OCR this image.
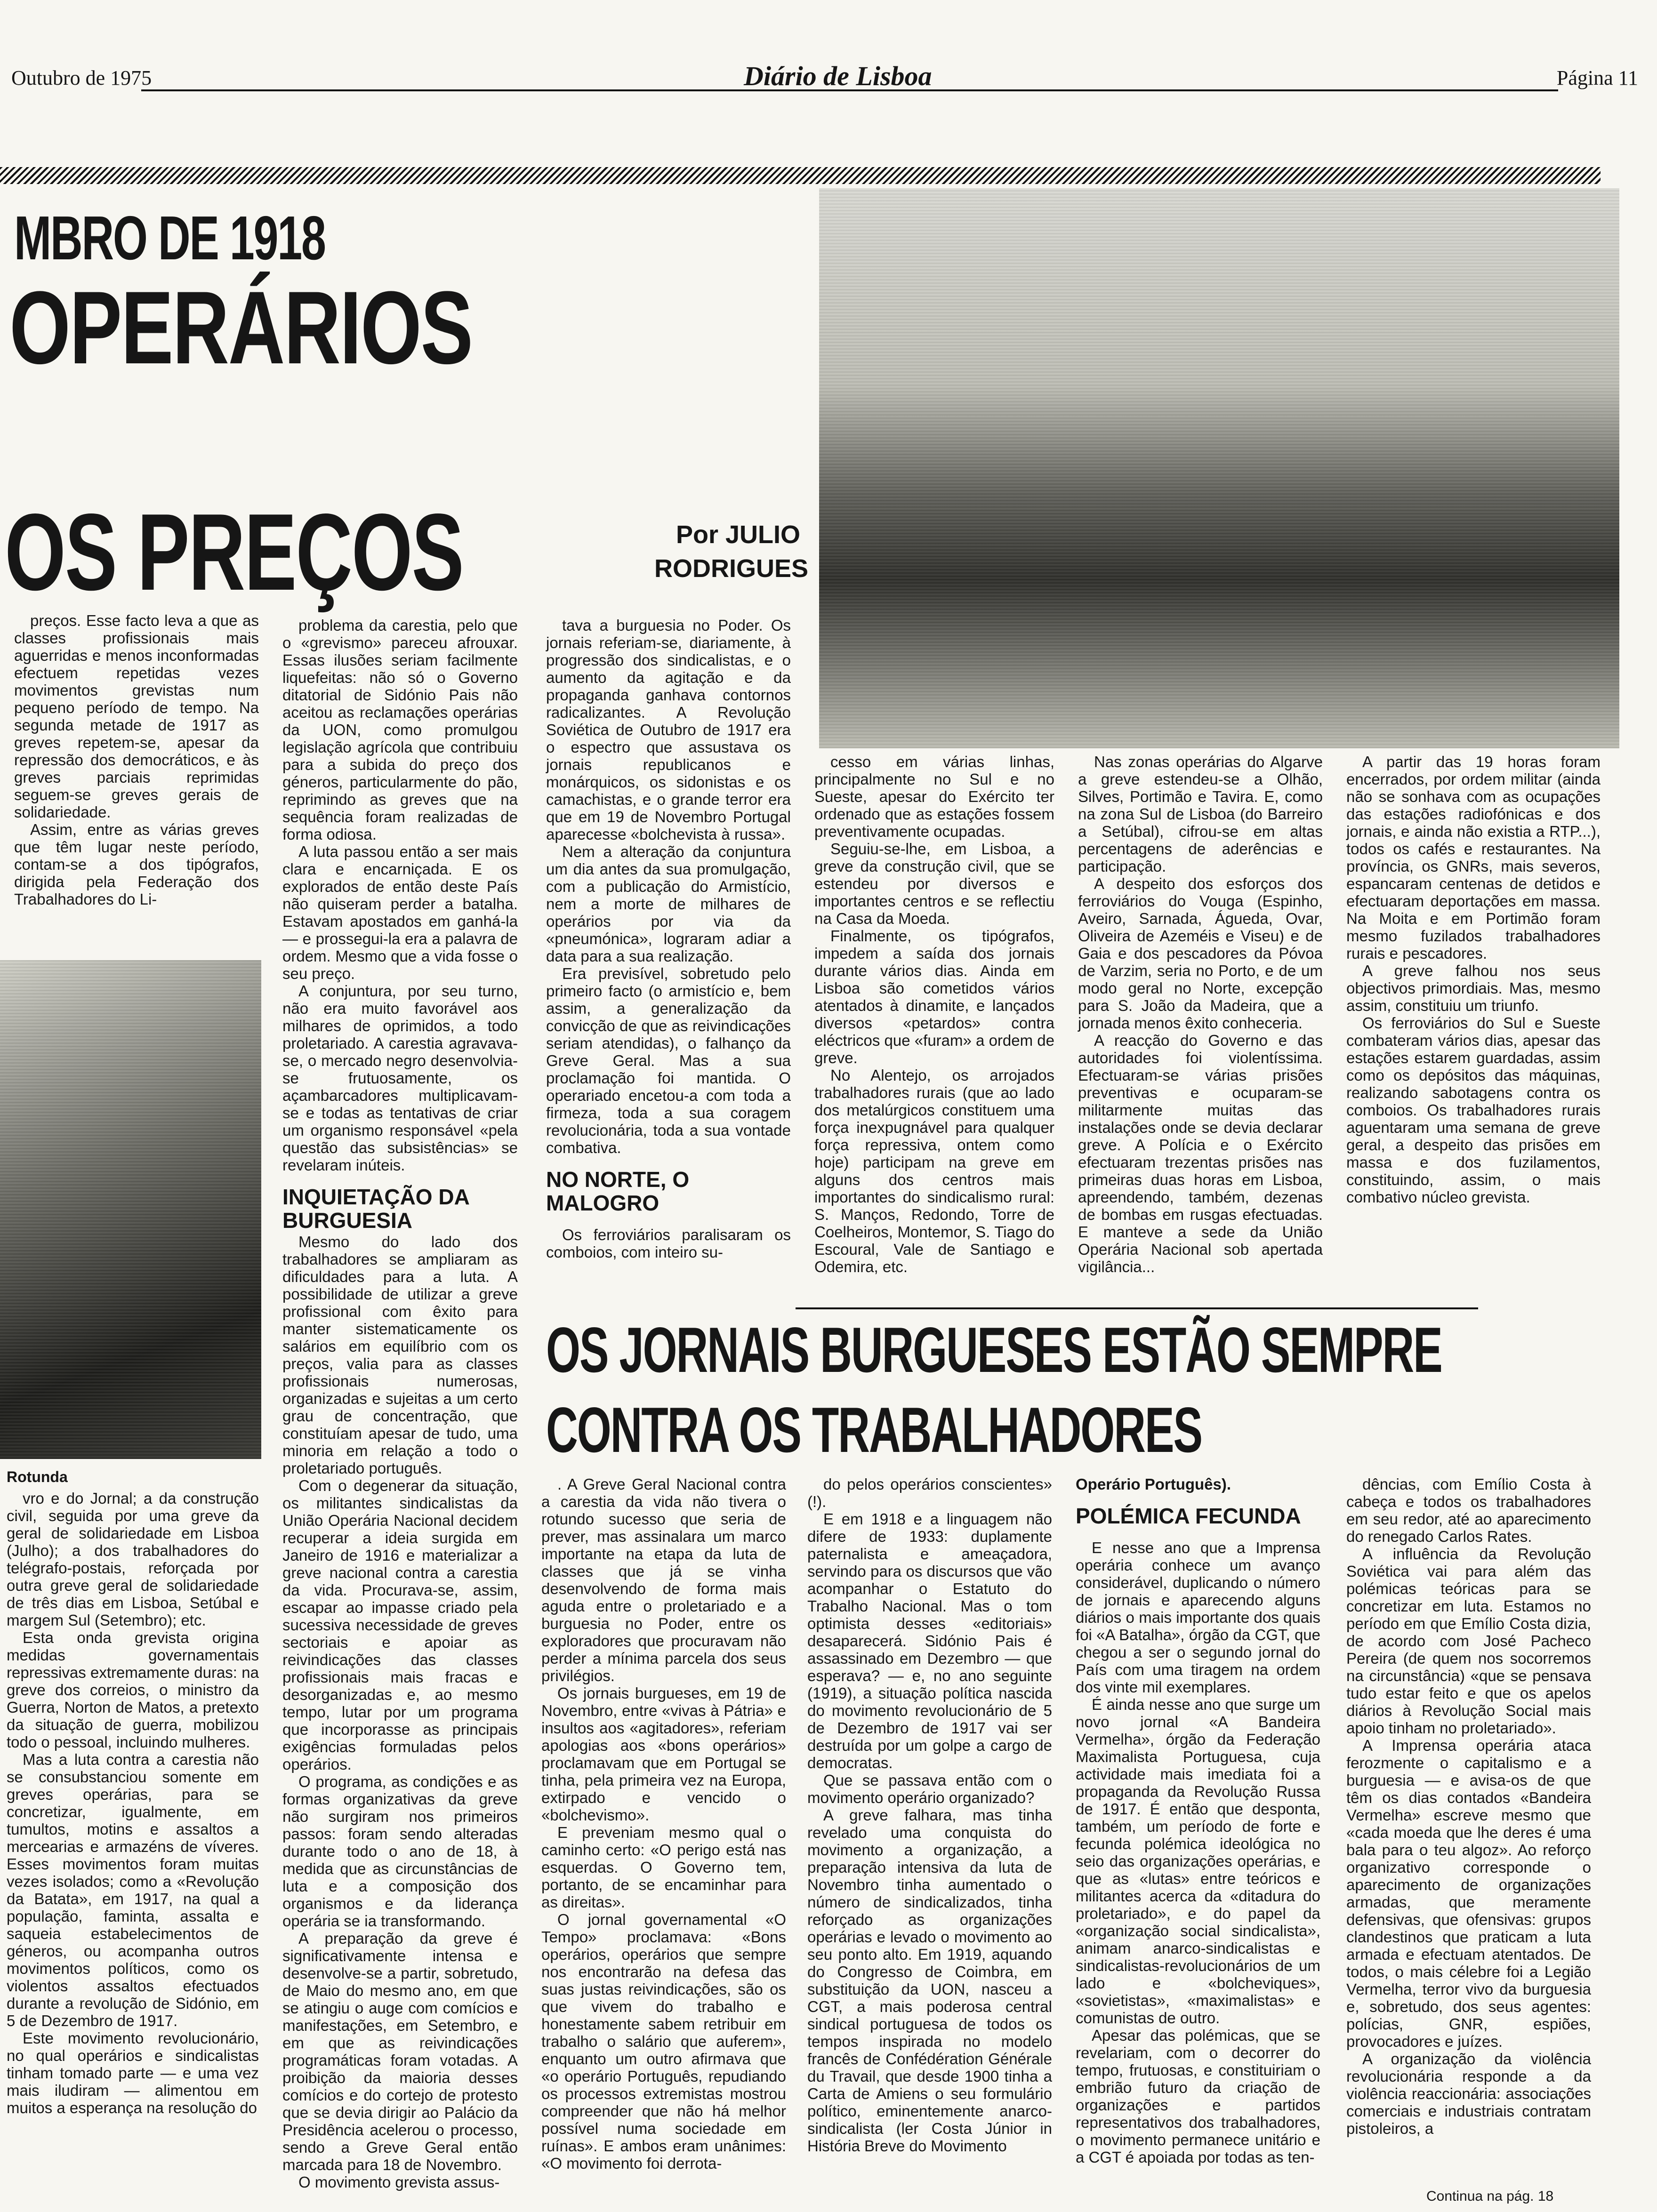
Outubro de 1975	Diário de Lisboa	Página 11
MBRO DE 1918
OPERÁRIOS
OS PREÇOS	Por JULIO
RODRIGUES
Rotunda

preços. Esse facto leva a que as classes profissionais mais aguerridas e menos inconformadas efectuem repetidas vezes movimentos grevistas num pequeno período de tempo. Na segunda metade de 1917 as greves repetem-se, apesar da repressão dos democráticos, e às greves parciais reprimidas seguem-se greves gerais de solidariedade.

Assim, entre as várias greves que têm lugar neste período, contam-se a dos tipógrafos, dirigida pela Federação dos Trabalhadores do Li-

vro e do Jornal; a da construção civil, seguida por uma greve da geral de solidariedade em Lisboa (Julho); a dos trabalhadores do telégrafo-postais, reforçada por outra greve geral de solidariedade de três dias em Lisboa, Setúbal e margem Sul (Setembro); etc.

Esta onda grevista origina medidas governamentais repressivas extremamente duras: na greve dos correios, o ministro da Guerra, Norton de Matos, a pretexto da situação de guerra, mobilizou todo o pessoal, incluindo mulheres.

Mas a luta contra a carestia não se consubstanciou somente em greves operárias, para se concretizar, igualmente, em tumultos, motins e assaltos a mercearias e armazéns de víveres. Esses movimentos foram muitas vezes isolados; como a «Revolução da Batata», em 1917, na qual a população, faminta, assalta e saqueia estabelecimentos de géneros, ou acompanha outros movimentos políticos, como os violentos assaltos efectuados durante a revolução de Sidónio, em 5 de Dezembro de 1917.

Este movimento revolucionário, no qual operários e sindicalistas tinham tomado parte — e uma vez mais iludiram — alimentou em muitos a esperança na resolução do

problema da carestia, pelo que o «grevismo» pareceu afrouxar. Essas ilusões seriam facilmente liquefeitas: não só o Governo ditatorial de Sidónio Pais não aceitou as reclamações operárias da UON, como promulgou legislação agrícola que contribuiu para a subida do preço dos géneros, particularmente do pão, reprimindo as greves que na sequência foram realizadas de forma odiosa.

A luta passou então a ser mais clara e encarniçada. E os explorados de então deste País não quiseram perder a batalha. Estavam apostados em ganhá-la — e prossegui-la era a palavra de ordem. Mesmo que a vida fosse o seu preço.

A conjuntura, por seu turno, não era muito favorável aos milhares de oprimidos, a todo proletariado. A carestia agravava-se, o mercado negro desenvolvia-se frutuosamente, os açambarcadores multiplicavam-se e todas as tentativas de criar um organismo responsável «pela questão das subsistências» se revelaram inúteis.

INQUIETAÇÃO DA BURGUESIA

Mesmo do lado dos trabalhadores se ampliaram as dificuldades para a luta. A possibilidade de utilizar a greve profissional com êxito para manter sistematicamente os salários em equilíbrio com os preços, valia para as classes profissionais numerosas, organizadas e sujeitas a um certo grau de concentração, que constituíam apesar de tudo, uma minoria em relação a todo o proletariado português.

Com o degenerar da situação, os militantes sindicalistas da União Operária Nacional decidem recuperar a ideia surgida em Janeiro de 1916 e materializar a greve nacional contra a carestia da vida. Procurava-se, assim, escapar ao impasse criado pela sucessiva necessidade de greves sectoriais e apoiar as reivindicações das classes profissionais mais fracas e desorganizadas e, ao mesmo tempo, lutar por um programa que incorporasse as principais exigências formuladas pelos operários.

O programa, as condições e as formas organizativas da greve não surgiram nos primeiros passos: foram sendo alteradas durante todo o ano de 18, à medida que as circunstâncias de luta e a composição dos organismos e da liderança operária se ia transformando.

A preparação da greve é significativamente intensa e desenvolve-se a partir, sobretudo, de Maio do mesmo ano, em que se atingiu o auge com comícios e manifestações, em Setembro, e em que as reivindicações programáticas foram votadas. A proibição da maioria desses comícios e do cortejo de protesto que se devia dirigir ao Palácio da Presidência acelerou o processo, sendo a Greve Geral então marcada para 18 de Novembro.

O movimento grevista assus-

tava a burguesia no Poder. Os jornais referiam-se, diariamente, à progressão dos sindicalistas, e o aumento da agitação e da propaganda ganhava contornos radicalizantes. A Revolução Soviética de Outubro de 1917 era o espectro que assustava os jornais republicanos e monárquicos, os sidonistas e os camachistas, e o grande terror era que em 19 de Novembro Portugal aparecesse «bolchevista à russa».

Nem a alteração da conjuntura um dia antes da sua promulgação, com a publicação do Armistício, nem a morte de milhares de operários por via da «pneumónica», lograram adiar a data para a sua realização.

Era previsível, sobretudo pelo primeiro facto (o armistício e, bem assim, a generalização da convicção de que as reivindicações seriam atendidas), o falhanço da Greve Geral. Mas a sua proclamação foi mantida. O operariado encetou-a com toda a firmeza, toda a sua coragem revolucionária, toda a sua vontade combativa.

NO NORTE, O MALOGRO

Os ferroviários paralisaram os comboios, com inteiro su-

cesso em várias linhas, principalmente no Sul e no Sueste, apesar do Exército ter ordenado que as estações fossem preventivamente ocupadas.

Seguiu-se-lhe, em Lisboa, a greve da construção civil, que se estendeu por diversos e importantes centros e se reflectiu na Casa da Moeda.

Finalmente, os tipógrafos, impedem a saída dos jornais durante vários dias. Ainda em Lisboa são cometidos vários atentados à dinamite, e lançados diversos «petardos» contra eléctricos que «furam» a ordem de greve.

No Alentejo, os arrojados trabalhadores rurais (que ao lado dos metalúrgicos constituem uma força inexpugnável para qualquer força repressiva, ontem como hoje) participam na greve em alguns dos centros mais importantes do sindicalismo rural: S. Manços, Redondo, Torre de Coelheiros, Montemor, S. Tiago do Escoural, Vale de Santiago e Odemira, etc.

Nas zonas operárias do Algarve a greve estendeu-se a Olhão, Silves, Portimão e Tavira. E, como na zona Sul de Lisboa (do Barreiro a Setúbal), cifrou-se em altas percentagens de aderências e participação.

A despeito dos esforços dos ferroviários do Vouga (Espinho, Aveiro, Sarnada, Águeda, Ovar, Oliveira de Azeméis e Viseu) e de Gaia e dos pescadores da Póvoa de Varzim, seria no Porto, e de um modo geral no Norte, excepção para S. João da Madeira, que a jornada menos êxito conheceria.

A reacção do Governo e das autoridades foi violentíssima. Efectuaram-se várias prisões preventivas e ocuparam-se militarmente muitas das instalações onde se devia declarar greve. A Polícia e o Exército efectuaram trezentas prisões nas primeiras duas horas em Lisboa, apreendendo, também, dezenas de bombas em rusgas efectuadas. E manteve a sede da União Operária Nacional sob apertada vigilância...

A partir das 19 horas foram encerrados, por ordem militar (ainda não se sonhava com as ocupações das estações radiofónicas e dos jornais, e ainda não existia a RTP...), todos os cafés e restaurantes. Na província, os GNRs, mais severos, espancaram centenas de detidos e efectuaram deportações em massa. Na Moita e em Portimão foram mesmo fuzilados trabalhadores rurais e pescadores.

A greve falhou nos seus objectivos primordiais. Mas, mesmo assim, constituiu um triunfo.

Os ferroviários do Sul e Sueste combateram vários dias, apesar das estações estarem guardadas, assim como os depósitos das máquinas, realizando sabotagens contra os comboios. Os trabalhadores rurais aguentaram uma semana de greve geral, a despeito das prisões em massa e dos fuzilamentos, constituindo, assim, o mais combativo núcleo grevista.

OS JORNAIS BURGUESES ESTÃO SEMPRE
CONTRA OS TRABALHADORES

. A Greve Geral Nacional contra a carestia da vida não tivera o rotundo sucesso que seria de prever, mas assinalara um marco importante na etapa da luta de classes que já se vinha desenvolvendo de forma mais aguda entre o proletariado e a burguesia no Poder, entre os exploradores que procuravam não perder a mínima parcela dos seus privilégios.

Os jornais burgueses, em 19 de Novembro, entre «vivas à Pátria» e insultos aos «agitadores», referiam apologias aos «bons operários» proclamavam que em Portugal se tinha, pela primeira vez na Europa, extirpado e vencido o «bolchevismo».

E preveniam mesmo qual o caminho certo: «O perigo está nas esquerdas. O Governo tem, portanto, de se encaminhar para as direitas».

O jornal governamental «O Tempo» proclamava: «Bons operários, operários que sempre nos encontrarão na defesa das suas justas reivindicações, são os que vivem do trabalho e honestamente sabem retribuir em trabalho o salário que auferem», enquanto um outro afirmava que «o operário Português, repudiando os processos extremistas mostrou compreender que não há melhor possível numa sociedade em ruínas». E ambos eram unânimes: «O movimento foi derrota-

do pelos operários conscientes» (!).

E em 1918 e a linguagem não difere de 1933: duplamente paternalista e ameaçadora, servindo para os discursos que vão acompanhar o Estatuto do Trabalho Nacional. Mas o tom optimista desses «editoriais» desaparecerá. Sidónio Pais é assassinado em Dezembro — que esperava? — e, no ano seguinte (1919), a situação política nascida do movimento revolucionário de 5 de Dezembro de 1917 vai ser destruída por um golpe a cargo de democratas.

Que se passava então com o movimento operário organizado?

A greve falhara, mas tinha revelado uma conquista do movimento a organização, a preparação intensiva da luta de Novembro tinha aumentado o número de sindicalizados, tinha reforçado as organizações operárias e levado o movimento ao seu ponto alto. Em 1919, aquando do Congresso de Coimbra, em substituição da UON, nasceu a CGT, a mais poderosa central sindical portuguesa de todos os tempos inspirada no modelo francês de Confédération Générale du Travail, que desde 1900 tinha a Carta de Amiens o seu formulário político, eminentemente anarco-sindicalista (ler Costa Júnior in História Breve do Movimento

Operário Português).

POLÉMICA FECUNDA

E nesse ano que a Imprensa operária conhece um avanço considerável, duplicando o número de jornais e aparecendo alguns diários o mais importante dos quais foi «A Batalha», órgão da CGT, que chegou a ser o segundo jornal do País com uma tiragem na ordem dos vinte mil exemplares.

É ainda nesse ano que surge um novo jornal «A Bandeira Vermelha», órgão da Federação Maximalista Portuguesa, cuja actividade mais imediata foi a propaganda da Revolução Russa de 1917. É então que desponta, também, um período de forte e fecunda polémica ideológica no seio das organizações operárias, e que as «lutas» entre teóricos e militantes acerca da «ditadura do proletariado», e do papel da «organização social sindicalista», animam anarco-sindicalistas e sindicalistas-revolucionários de um lado e «bolcheviques», «sovietistas», «maximalistas» e comunistas de outro.

Apesar das polémicas, que se revelariam, com o decorrer do tempo, frutuosas, e constituiriam o embrião futuro da criação de organizações e partidos representativos dos trabalhadores, o movimento permanece unitário e a CGT é apoiada por todas as ten-

dências, com Emílio Costa à cabeça e todos os trabalhadores em seu redor, até ao aparecimento do renegado Carlos Rates.

A influência da Revolução Soviética vai para além das polémicas teóricas para se concretizar em luta. Estamos no período em que Emílio Costa dizia, de acordo com José Pacheco Pereira (de quem nos socorremos na circunstância) «que se pensava tudo estar feito e que os apelos diários à Revolução Social mais apoio tinham no proletariado».

A Imprensa operária ataca ferozmente o capitalismo e a burguesia — e avisa-os de que têm os dias contados «Bandeira Vermelha» escreve mesmo que «cada moeda que lhe deres é uma bala para o teu algoz». Ao reforço organizativo corresponde o aparecimento de organizações armadas, que meramente defensivas, que ofensivas: grupos clandestinos que praticam a luta armada e efectuam atentados. De todos, o mais célebre foi a Legião Vermelha, terror vivo da burguesia e, sobretudo, dos seus agentes: polícias, GNR, espiões, provocadores e juízes.

A organização da violência revolucionária responde a da violência reaccionária: associações comerciais e industriais contratam pistoleiros, a

Continua na pág. 18
